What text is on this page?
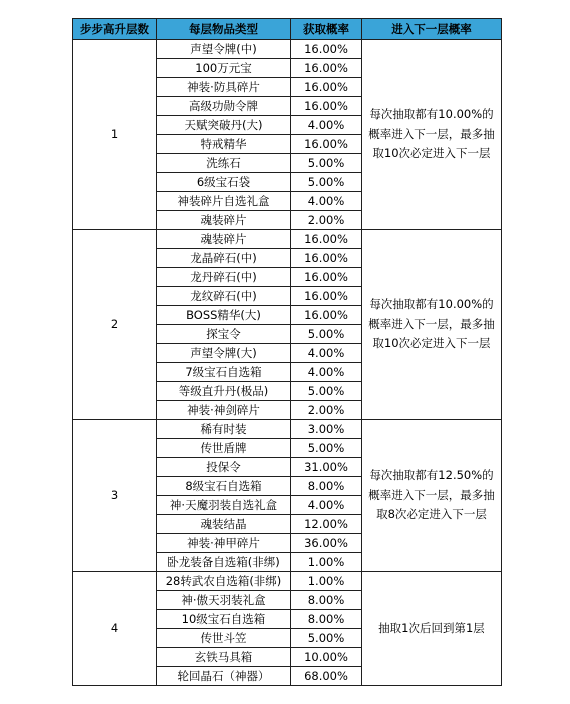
步步高升层数	每层物品类型	获取概率	进入下一层概率
1	声望令牌(中)	16.00%	每次抽取都有10.00%的概率进入下一层，最多抽取10次必定进入下一层
	100万元宝	16.00%	
	神装·防具碎片	16.00%	
	高级功勋令牌	16.00%	
	天赋突破丹(大)	4.00%	
	特戒精华	16.00%	
	洗练石	5.00%	
	6级宝石袋	5.00%	
	神装碎片自选礼盒	4.00%	
	魂装碎片	2.00%	
2	魂装碎片	16.00%	每次抽取都有10.00%的概率进入下一层，最多抽取10次必定进入下一层
	龙晶碎石(中)	16.00%	
	龙丹碎石(中)	16.00%	
	龙纹碎石(中)	16.00%	
	BOSS精华(大)	16.00%	
	探宝令	5.00%	
	声望令牌(大)	4.00%	
	7级宝石自选箱	4.00%	
	等级直升丹(极品)	5.00%	
	神装·神剑碎片	2.00%	
3	稀有时装	3.00%	每次抽取都有12.50%的概率进入下一层，最多抽取8次必定进入下一层
	传世盾牌	5.00%	
	投保令	31.00%	
	8级宝石自选箱	8.00%	
	神·天魔羽装自选礼盒	4.00%	
	魂装结晶	12.00%	
	神装·神甲碎片	36.00%	
	卧龙装备自选箱(非绑)	1.00%	
4	28转武农自选箱(非绑)	1.00%	抽取1次后回到第1层
	神·傲天羽装礼盒	8.00%	
	10级宝石自选箱	8.00%	
	传世斗笠	5.00%	
	玄铁马具箱	10.00%	
	轮回晶石（神器）	68.00%	
